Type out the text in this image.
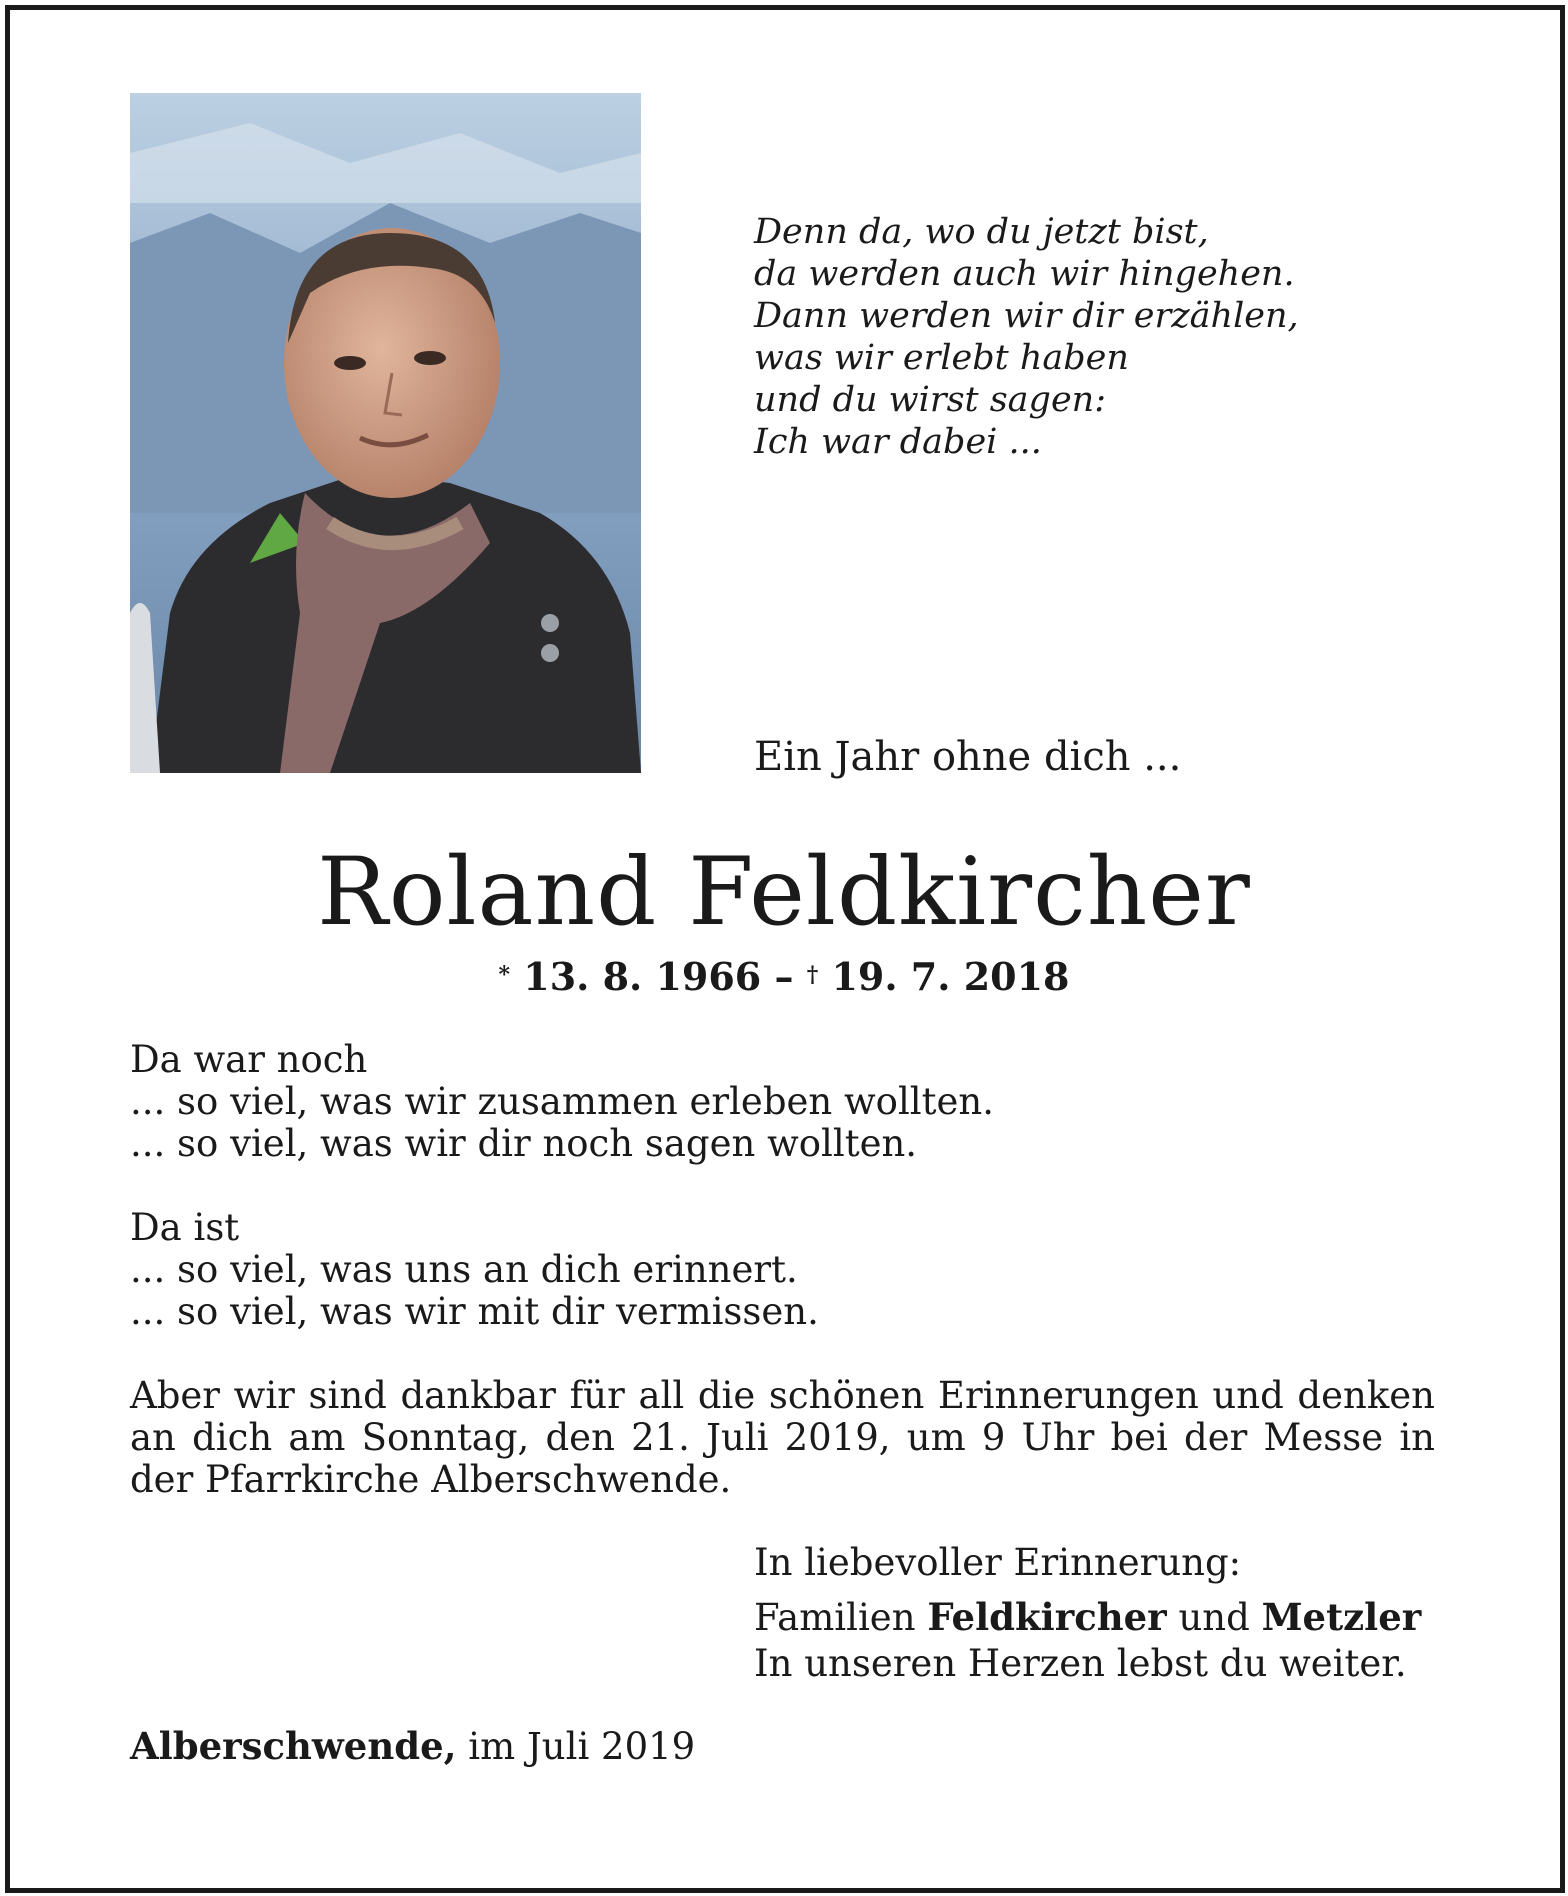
Denn da, wo du jetzt bist,
da werden auch wir hingehen.
Dann werden wir dir erzählen,
was wir erlebt haben
und du wirst sagen:
Ich war dabei ...
Ein Jahr ohne dich ...
Roland Feldkircher
* 13. 8. 1966 – † 19. 7. 2018
Da war noch
... so viel, was wir zusammen erleben wollten.
... so viel, was wir dir noch sagen wollten.
Da ist
... so viel, was uns an dich erinnert.
... so viel, was wir mit dir vermissen.
Aber wir sind dankbar für all die schönen Erinnerungen und denken an dich am Sonntag, den 21. Juli 2019, um 9 Uhr bei der Messe in der Pfarrkirche Alberschwende.
In liebevoller Erinnerung:
Familien Feldkircher und Metzler
In unseren Herzen lebst du weiter.
Alberschwende, im Juli 2019
